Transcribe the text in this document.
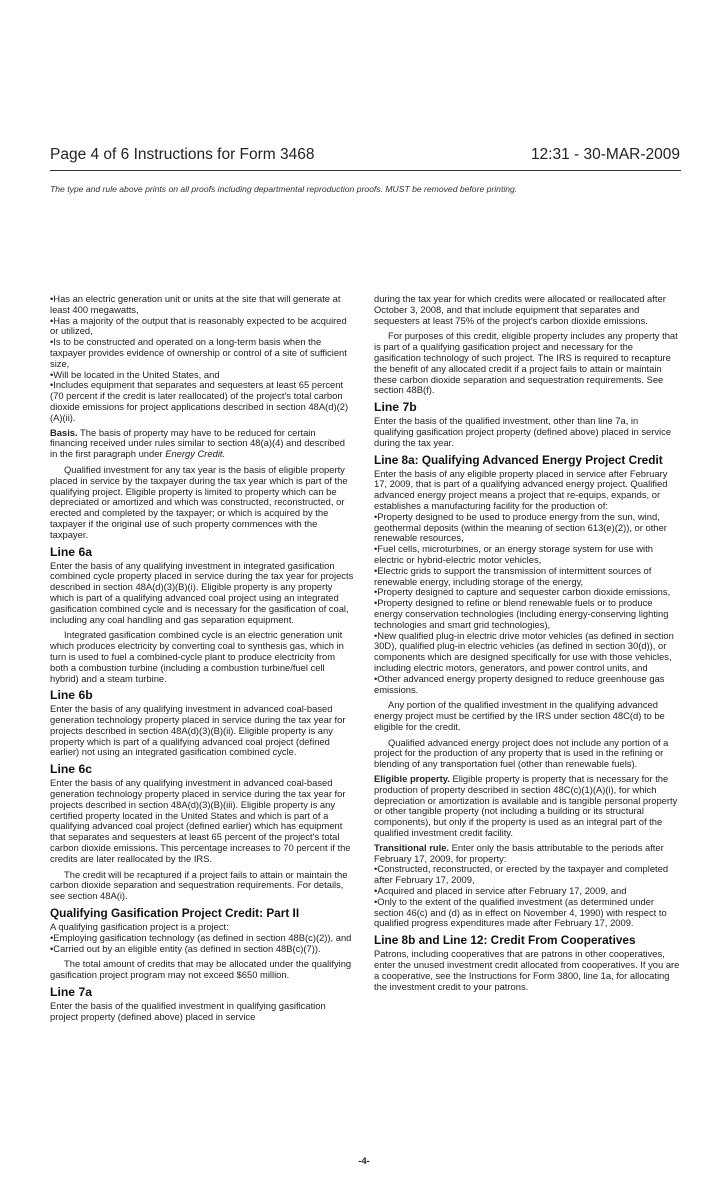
Page 4 of 6 Instructions for Form 3468	12:31 - 30-MAR-2009
The type and rule above prints on all proofs including departmental reproduction proofs. MUST be removed before printing.

• Has an electric generation unit or units at the site that will generate at least 400 megawatts,

• Has a majority of the output that is reasonably expected to be acquired or utilized,

• Is to be constructed and operated on a long-term basis when the taxpayer provides evidence of ownership or control of a site of sufficient size,

• Will be located in the United States, and

• Includes equipment that separates and sequesters at least 65 percent (70 percent if the credit is later reallocated) of the project's total carbon dioxide emissions for project applications described in section 48A(d)(2)(A)(ii).

Basis. The basis of property may have to be reduced for certain financing received under rules similar to section 48(a)(4) and described in the first paragraph under Energy Credit.

Qualified investment for any tax year is the basis of eligible property placed in service by the taxpayer during the tax year which is part of the qualifying project. Eligible property is limited to property which can be depreciated or amortized and which was constructed, reconstructed, or erected and completed by the taxpayer; or which is acquired by the taxpayer if the original use of such property commences with the taxpayer.

Line 6a

Enter the basis of any qualifying investment in integrated gasification combined cycle property placed in service during the tax year for projects described in section 48A(d)(3)(B)(i). Eligible property is any property which is part of a qualifying advanced coal project using an integrated gasification combined cycle and is necessary for the gasification of coal, including any coal handling and gas separation equipment.

Integrated gasification combined cycle is an electric generation unit which produces electricity by converting coal to synthesis gas, which in turn is used to fuel a combined-cycle plant to produce electricity from both a combustion turbine (including a combustion turbine/fuel cell hybrid) and a steam turbine.

Line 6b

Enter the basis of any qualifying investment in advanced coal-based generation technology property placed in service during the tax year for projects described in section 48A(d)(3)(B)(ii). Eligible property is any property which is part of a qualifying advanced coal project (defined earlier) not using an integrated gasification combined cycle.

Line 6c

Enter the basis of any qualifying investment in advanced coal-based generation technology property placed in service during the tax year for projects described in section 48A(d)(3)(B)(iii). Eligible property is any certified property located in the United States and which is part of a qualifying advanced coal project (defined earlier) which has equipment that separates and sequesters at least 65 percent of the project's total carbon dioxide emissions. This percentage increases to 70 percent if the credits are later reallocated by the IRS.

The credit will be recaptured if a project fails to attain or maintain the carbon dioxide separation and sequestration requirements. For details, see section 48A(i).

Qualifying Gasification Project Credit: Part II

A qualifying gasification project is a project:

• Employing gasification technology (as defined in section 48B(c)(2)), and

• Carried out by an eligible entity (as defined in section 48B(c)(7)).

The total amount of credits that may be allocated under the qualifying gasification project program may not exceed $650 million.

Line 7a

Enter the basis of the qualified investment in qualifying gasification project property (defined above) placed in service

during the tax year for which credits were allocated or reallocated after October 3, 2008, and that include equipment that separates and sequesters at least 75% of the project's carbon dioxide emissions.

For purposes of this credit, eligible property includes any property that is part of a qualifying gasification project and necessary for the gasification technology of such project. The IRS is required to recapture the benefit of any allocated credit if a project fails to attain or maintain these carbon dioxide separation and sequestration requirements. See section 48B(f).

Line 7b

Enter the basis of the qualified investment, other than line 7a, in qualifying gasification project property (defined above) placed in service during the tax year.

Line 8a: Qualifying Advanced Energy Project Credit

Enter the basis of any eligible property placed in service after February 17, 2009, that is part of a qualifying advanced energy project. Qualified advanced energy project means a project that re-equips, expands, or establishes a manufacturing facility for the production of:

• Property designed to be used to produce energy from the sun, wind, geothermal deposits (within the meaning of section 613(e)(2)), or other renewable resources,

• Fuel cells, microturbines, or an energy storage system for use with electric or hybrid-electric motor vehicles,

• Electric grids to support the transmission of intermittent sources of renewable energy, including storage of the energy,

• Property designed to capture and sequester carbon dioxide emissions,

• Property designed to refine or blend renewable fuels or to produce energy conservation technologies (including energy-conserving lighting technologies and smart grid technologies),

• New qualified plug-in electric drive motor vehicles (as defined in section 30D), qualified plug-in electric vehicles (as defined in section 30(d)), or components which are designed specifically for use with those vehicles, including electric motors, generators, and power control units, and

• Other advanced energy property designed to reduce greenhouse gas emissions.

Any portion of the qualified investment in the qualifying advanced energy project must be certified by the IRS under section 48C(d) to be eligible for the credit.

Qualified advanced energy project does not include any portion of a project for the production of any property that is used in the refining or blending of any transportation fuel (other than renewable fuels).

Eligible property. Eligible property is property that is necessary for the production of property described in section 48C(c)(1)(A)(i), for which depreciation or amortization is available and is tangible personal property or other tangible property (not including a building or its structural components), but only if the property is used as an integral part of the qualified investment credit facility.

Transitional rule. Enter only the basis attributable to the periods after February 17, 2009, for property:

• Constructed, reconstructed, or erected by the taxpayer and completed after February 17, 2009,

• Acquired and placed in service after February 17, 2009, and

• Only to the extent of the qualified investment (as determined under section 46(c) and (d) as in effect on November 4, 1990) with respect to qualified progress expenditures made after February 17, 2009.

Line 8b and Line 12: Credit From Cooperatives

Patrons, including cooperatives that are patrons in other cooperatives, enter the unused investment credit allocated from cooperatives. If you are a cooperative, see the Instructions for Form 3800, line 1a, for allocating the investment credit to your patrons.

-4-
